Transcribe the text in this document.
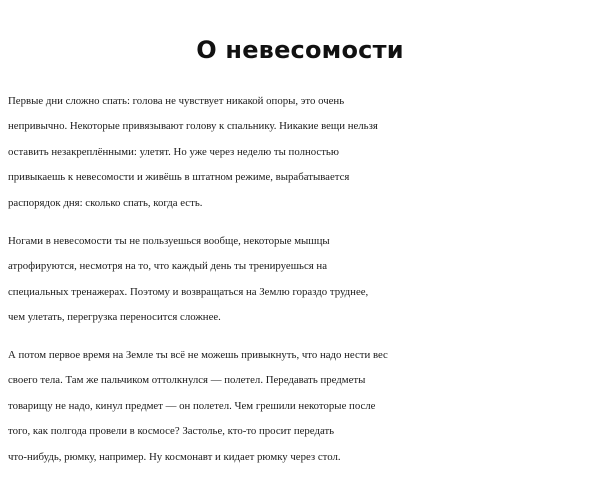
О невесомости

Первые дни сложно спать: голова не чувствует никакой опоры, это очень
непривычно. Некоторые привязывают голову к спальнику. Никакие вещи нельзя
оставить незакреплёнными: улетят. Но уже через неделю ты полностью
привыкаешь к невесомости и живёшь в штатном режиме, вырабатывается
распорядок дня: сколько спать, когда есть.

Ногами в невесомости ты не пользуешься вообще, некоторые мышцы
атрофируются, несмотря на то, что каждый день ты тренируешься на
специальных тренажерах. Поэтому и возвращаться на Землю гораздо труднее,
чем улетать, перегрузка переносится сложнее.

А потом первое время на Земле ты всё не можешь привыкнуть, что надо нести вес
своего тела. Там же пальчиком оттолкнулся — полетел. Передавать предметы
товарищу не надо, кинул предмет — он полетел. Чем грешили некоторые после
того, как полгода провели в космосе? Застолье, кто-то просит передать
что-нибудь, рюмку, например. Ну космонавт и кидает рюмку через стол.
